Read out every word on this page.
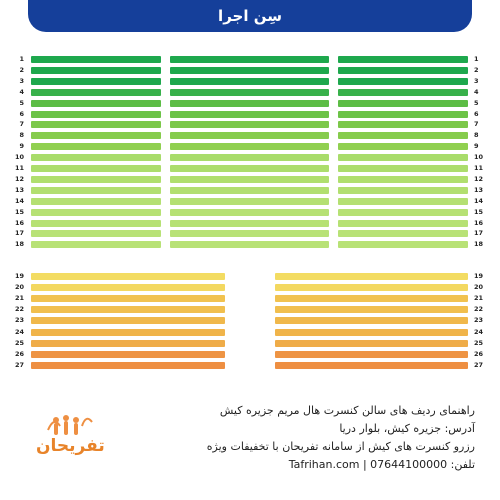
سِن اجرا
1	1
2	2
3	3
4	4
5	5
6	6
7	7
8	8
9	9
10	10
11	11
12	12
13	13
14	14
15	15
16	16
17	17
18	18
19	19
20	20
21	21
22	22
23	23
24	24
25	25
26	26
27	27
تفریحان
راهنمای ردیف های سالن کنسرت هال مریم جزیره کیش
آدرس: جزیره کیش، بلوار دریا
رزرو کنسرت های کیش از سامانه تفریحان با تخفیفات ویژه
تلفن: 07644100000 | Tafrihan.com
